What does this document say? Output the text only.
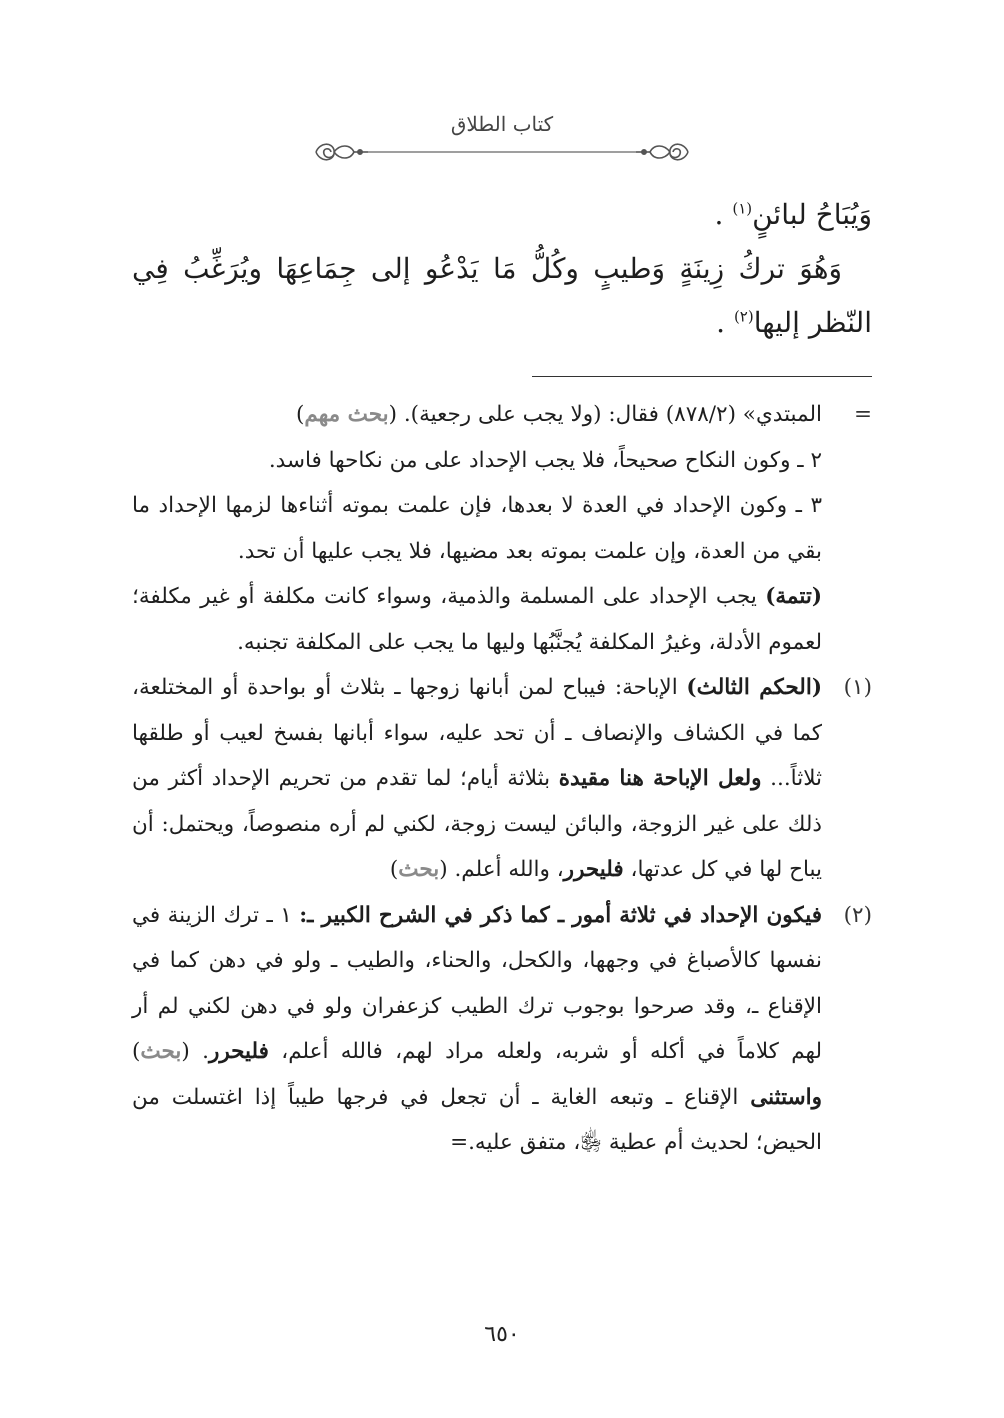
كتاب الطلاق

وَيُبَاحُ لبائنٍ$^{(١)}$ .

وَهُوَ تركُ زِينَةٍ وَطيبٍ وكُلُّ مَا يَدْعُو إلى جِمَاعِهَا ويُرَغِّبُ فِي النّظر إليها$^{(٢)}$ .

=

المبتدي» (٨٧٨/٢) فقال: (ولا يجب على رجعية). (بحث مهم)

٢ ـ وكون النكاح صحيحاً، فلا يجب الإحداد على من نكاحها فاسد.

٣ ـ وكون الإحداد في العدة لا بعدها، فإن علمت بموته أثناءها لزمها الإحداد ما بقي من العدة، وإن علمت بموته بعد مضيها، فلا يجب عليها أن تحد.

(تتمة) يجب الإحداد على المسلمة والذمية، وسواء كانت مكلفة أو غير مكلفة؛ لعموم الأدلة، وغيرُ المكلفة يُجنَّبُها وليها ما يجب على المكلفة تجنبه.

(١)

(الحكم الثالث) الإباحة: فيباح لمن أبانها زوجها ـ بثلاث أو بواحدة أو المختلعة، كما في الكشاف والإنصاف ـ أن تحد عليه، سواء أبانها بفسخ لعيب أو طلقها ثلاثاً... ولعل الإباحة هنا مقيدة بثلاثة أيام؛ لما تقدم من تحريم الإحداد أكثر من ذلك على غير الزوجة، والبائن ليست زوجة، لكني لم أره منصوصاً، ويحتمل: أن يباح لها في كل عدتها، فليحرر، والله أعلم. (بحث)

(٢)

فيكون الإحداد في ثلاثة أمور ـ كما ذكر في الشرح الكبير ـ: ١ ـ ترك الزينة في نفسها كالأصباغ في وجهها، والكحل، والحناء، والطيب ـ ولو في دهن كما في الإقناع ـ، وقد صرحوا بوجوب ترك الطيب كزعفران ولو في دهن لكني لم أر لهم كلاماً في أكله أو شربه، ولعله مراد لهم، فالله أعلم، فليحرر. (بحث) واستثنى الإقناع ـ وتبعه الغاية ـ أن تجعل في فرجها طيباً إذا اغتسلت من الحيض؛ لحديث أم عطية ﵂، متفق عليه.=

٦٥٠
